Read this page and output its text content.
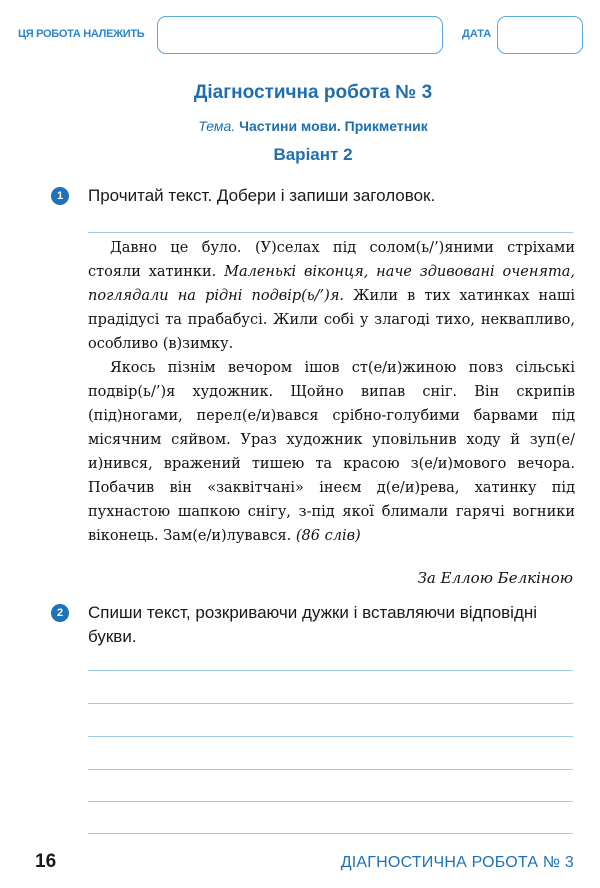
ЦЯ РОБОТА НАЛЕЖИТЬ	ДАТА
Діагностична робота № 3
Тема. Частини мови. Прикметник
Варіант 2
1	Прочитай текст. Добери і запиши заголовок.

Давно це було. (У)селах під солом(ь/’)яними стріхами стояли хатинки. Маленькі віконця, наче здивовані оченята, поглядали на рідні подвір(ь/’)я. Жили в тих хатинках наші прадідусі та прабабусі. Жили собі у злагоді тихо, неквапливо, особливо (в)зимку.

Якось пізнім вечором ішов ст(е/и)жиною повз сільські подвір(ь/’)я художник. Щойно випав сніг. Він скрипів (під)ногами, перел(е/и)вався срібно-голубими барвами під місячним сяйвом. Ураз художник уповільнив ходу й зуп(е/и)нився, вражений тишею та красою з(е/и)мового вечора. Побачив він «заквітчані» інеєм д(е/и)рева, хатинку під пухнастою шапкою снігу, з-під якої блимали гарячі вогники віконець. Зам(е/и)лувався. (86 слів)

За Еллою Белкіною
2	Спиши текст, розкриваючи дужки і вставляючи відповідні букви.
16	ДІАГНОСТИЧНА РОБОТА № 3
